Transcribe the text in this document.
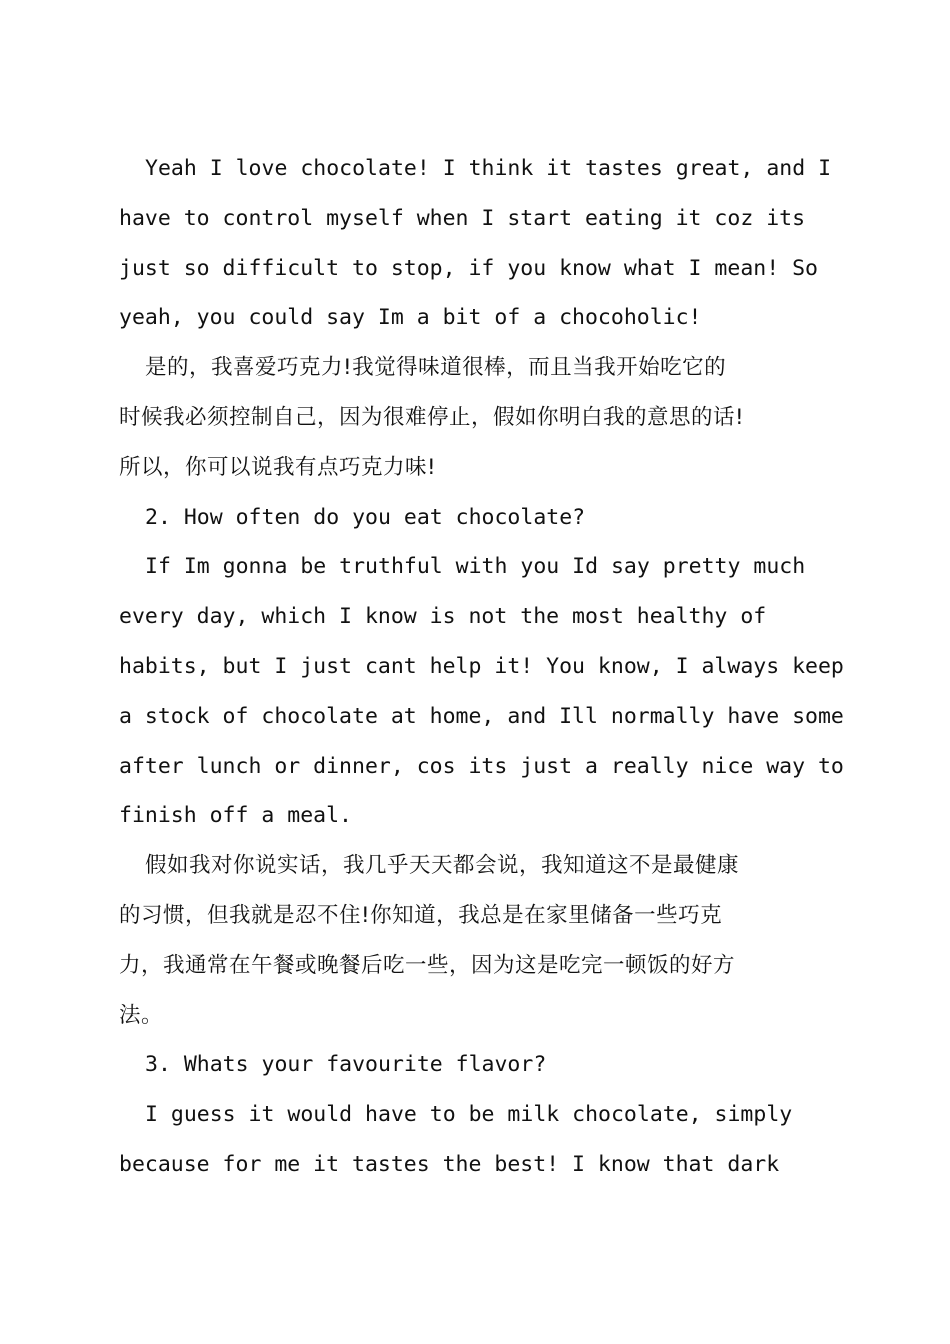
Yeah I love chocolate! I think it tastes great, and I
have to control myself when I start eating it coz its
just so difficult to stop, if you know what I mean! So
yeah, you could say Im a bit of a chocoholic!

是的，我喜爱巧克力!我觉得味道很棒，而且当我开始吃它的
时候我必须控制自己，因为很难停止，假如你明白我的意思的话!
所以，你可以说我有点巧克力味!

2. How often do you eat chocolate?

If Im gonna be truthful with you Id say pretty much
every day, which I know is not the most healthy of
habits, but I just cant help it! You know, I always keep
a stock of chocolate at home, and Ill normally have some
after lunch or dinner, cos its just a really nice way to
finish off a meal.

假如我对你说实话，我几乎天天都会说，我知道这不是最健康
的习惯，但我就是忍不住!你知道，我总是在家里储备一些巧克
力，我通常在午餐或晚餐后吃一些，因为这是吃完一顿饭的好方
法。

3. Whats your favourite flavor?

I guess it would have to be milk chocolate, simply
because for me it tastes the best! I know that dark
